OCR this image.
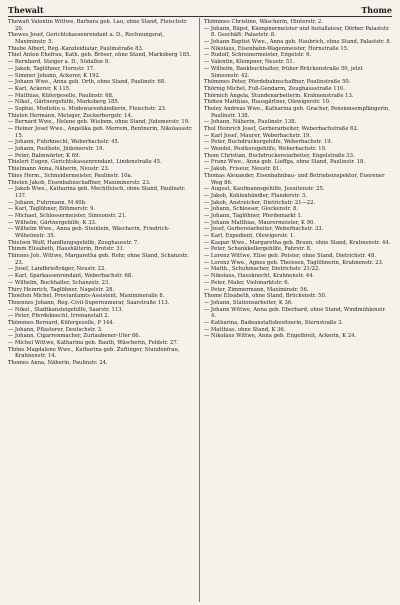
Thewalt	Thome

Thewalt Valentin Wittwe, Barbara geb. Lau, ohne Stand, Fleischstr. 20.

Thewes Josef, Gerichtskassenrendant a. D., Rechnungsrat, Maximinstr. 5.

Thiebe Albert, Reg.-Kanzleidiatar, Paulinstraße 83.

Thiel Anton Ehefrau, Kath. geb. Bröser, ohne Stand, Marksberg 185.

— Bernhard, Steiger a. D., Südallee 8.

— Jakob, Taglöhner, Hornstr. 17.

— Simmer Johann, Ackerer, K 192.

— Johann Wwe., Anna geb. Orth, ohne Stand, Paulinstr. 68.

— Karl, Ackerer, K 115.

— Matthias, Küfergeselle, Paulinstr. 68.

— Nikol., Gärtnergehilfe, Marksberg 185.

— Sophie, Modistin u. Modewarenhändlerin, Fleischstr. 23.

Thielen Hermann, Metzger, Zuckerbergstr. 14.

— Bernard Wwe., Helene geb. Wiebem, ohne Stand, Jüdemerstr. 19.

— Heiner Josef Wwe., Angelika geb. Merrem, Rentnerin, Nikolausstr. 15.

— Johann, Fuhrknecht, Weberbachstr. 45.

— Johann, Postbote, Jüdemerstr. 19.

— Peter, Bahnwärter, K 69.

Thielert Eugen, Gerichtskassenrendant, Lindenstraße 45.

Thielmann Anna, Näherin, Neustr. 23.

Thies Herm., Schneidermeister, Paulinstr. 10a.

Thielen Jakob, Eisenbahnschaffner, Maximinerstr. 23.

— Jakob Wwe., Katharina geb. Mechtfelsch, ohne Stand, Paulinstr. 137.

— Johann, Fuhrmann, M 40b.

— Karl, Taglöhner, Böhmerstr. 9.

— Michael, Schlossermeister, Simeonstr. 21.

— Wilhelm, Gärtnergehilfe, K 33.

— Wilhelm Wwe., Anna geb. Steinlein, Wäscherin, Friedrich-Wilhelmstr. 35.

Thielsen Wolf, Handlungsgehilfe, Zeughausstr. 7.

Thimm Elisabeth, Haushälterin, Brotstr. 31.

Thinnes Joh. Wittwe, Margaretha geb. Rohr, ohne Stand, Schanzstr. 23.

— Josef, Landbriefträger, Neustr. 22.

— Karl, Sparkassenrendant, Weberbachstr. 68.

— Wilhelm, Buchhalter, Schanzstr. 23.

Thiry Heinrich, Taglöhner, Nagelstr. 28.

Thoelten Michel, Proviantamts-Assistent, Maximineralle 8.

Thoennes Johann, Reg.-Civil-Supernumerar, Saarstraße 113.

— Nikol., Stadtkanzleigehilfe, Saarstr. 113.

— Peter, Pferdeknecht, Irrenanstalt 2.

Thömmes Bernard, Küfergeselle, P 144.

— Johann, Pflasterer, Deutschstr. 3.

— Johann, Cigarrenmacher, Zurlaubener-Ufer 86.

— Michel Wittwe, Katharina geb. Bauth, Wäscherin, Feldstr. 27.

Thöne Magdalene Wwe., Katharina geb. Zuftinger, Stundenfrau, Krahnenstr. 14.

Thomes Anna, Näherin, Paulinstr. 24.

Thömmes Christine, Wäscherin, Hinterstr. 2.

— Johann, Bäpst, Klempnermeister und Installateur, Dörber Palaststr. 8. Geschäft: Palaststr. 8.

— Johann Baptist Wwe., Anna geb. Haubrich, ohne Stand, Palaststr. 8.

— Nikolaus, Eisenbahn-Wagenmeister, Hornstraße 15.

— Rudolf, Schreinermeister, Engelstr. 6.

— Valentin, Klempner, Neustr. 51.

— Wilhelm, Bankbuchhalter, früher Brückenstraße 50, jetzt Simeonstr. 42.

Thömmes Peter, Pferdebahnschaffner, Paulinstraße 50.

Thörnig Michel, Fuß-Gendarm, Zeughausstraße 110.

Thörnich Angela, Stundenarbeiterin, Krahnenstraße 13.

Thöten Matthias, Hausgärtner, Olewigerstr. 10.

Tholey Andreas Wwe., Katharina geb. Gracher, Pensionsempfängerin, Paulinstr. 138.

— Johann, Näherin, Paulinstr. 138.

Thol Heinrich Josef, Gerberarbeiter, Weberbachstraße 62.

— Karl Josef, Maurer, Weberbachstr. 19.

— Peter, Buchdruckergehilfe, Weberbachstr. 19.

— Wendel, Postkerzgehilfe, Weberbachstr. 19.

Thom Christian, Buchdruckereiarbeiter, Engelstraße 33.

— Franz Wwe., Anna geb. Lieffga, ohne Stand, Paulinstr. 18.

— Jakob, Friseur, Neustr. 81.

Thomas Alexander, Eisenbahnbau- und Betriebsinspektor, Euerener Weg 86.

— August, Kaufmannsgehilfe, Jesuitenstr. 25.

— Jakob, Kohlenhändler, Flanderstr. 3.

— Jakob, Anstreicher, Dietrichstr. 21—22.

— Johann, Schlosser, Glockenstr. 8.

— Johann, Taglöhner, Pferdemarkt 1.

— Johann Matthias, Maurermeister, K 90.

— Josef, Gerbereiarbeiter, Weberbachstr. 33.

— Karl, Expedient, Olewigerstr. 1.

— Kaspar Wwe., Margaretha geb. Braun, ohne Stand, Krahnenstr. 44.

— Peter, Schankkellergehilfe, Fahrstr. 8.

— Lorenz Wittwe, Elise geb. Polster, ohne Stand, Dietrichstr. 48.

— Lorenz Wwe., Agnes geb. Theissen, Taglöhnerin, Krahnenstr. 23.

— Matth., Schuhmacher, Dietrichstr. 21/22.

— Nikolaus, Hausknecht, Krahnenstr. 44.

— Peter, Maler, Viehmarktstr. 6.

— Peter, Zimmermann, Maximinstr. 56.

Thome Elisabeth, ohne Stand, Brückenstr. 50.

— Johann, Stationsarbeiter, K 36.

— Johann Wittwe, Anna geb. Eberhard, ohne Stand, Windmühlenstr. 4.

— Katharina, Badeanstaltsbesitzerin, Sternstraße 3.

— Matthias, ohne Stand, K 36.

— Nikolaus Wittwe, Anna geb. Engelbreit, Ackerin, K 24.
